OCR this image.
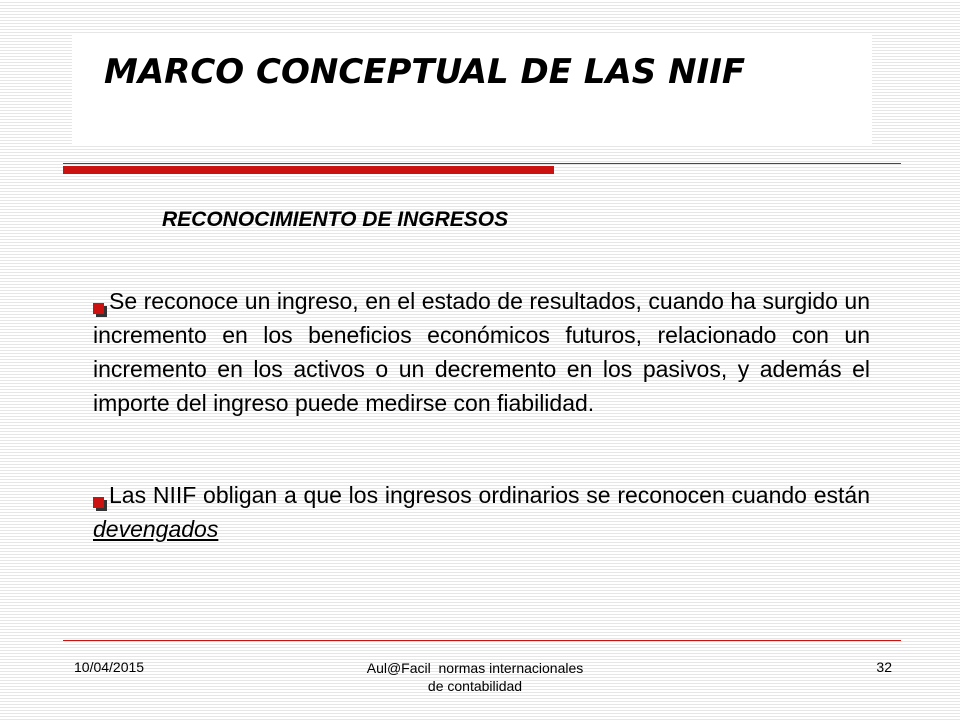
MARCO CONCEPTUAL DE LAS NIIF
RECONOCIMIENTO DE INGRESOS
Se reconoce un ingreso, en el estado de resultados, cuando ha surgido un incremento en los beneficios económicos futuros, relacionado con un incremento en los activos o un decremento en los pasivos, y además el importe del ingreso puede medirse con fiabilidad.
Las NIIF obligan a que los ingresos ordinarios se reconocen cuando están devengados
10/04/2015	Aul@Facil  normas internacionales
de contabilidad
32
